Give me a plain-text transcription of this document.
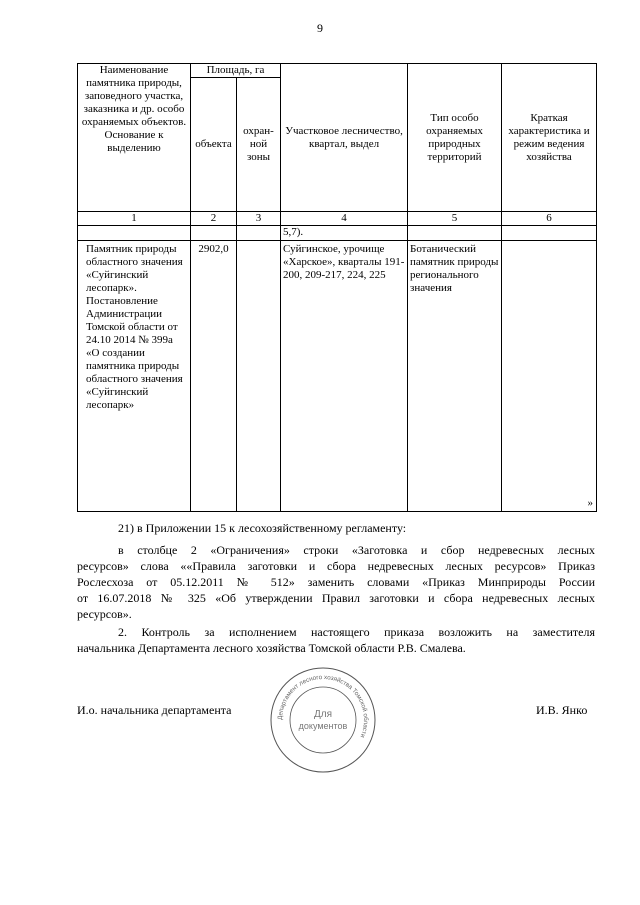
9
Наименование памятника природы, заповедного участка, заказника и др. особо охраняемых объектов. Основание к выделению	Площадь, га		Участковое лесничество, квартал, выдел	Тип особо охраняемых природных территорий	Краткая характеристика и режим ведения хозяйства
	объекта	охран-
ной
зоны			
1	2	3	4	5	6
			5,7).		
Памятник природы областного значения «Суйгинский лесопарк». Постановление Администрации Томской области от 24.10 2014 № 399а «О создании памятника природы областного значения «Суйгинский лесопарк»	2902,0		Суйгинское, урочище «Харское», кварталы 191-200, 209-217, 224, 225	Ботанический памятник природы регионального значения	»
21) в Приложении 15 к лесохозяйственному регламенту:
в столбце 2 «Ограничения» строки «Заготовка и сбор недревесных лесных
ресурсов» слова ««Правила заготовки и сбора недревесных лесных ресурсов» Приказ
Рослесхоза от 05.12.2011 № 512» заменить словами «Приказ Минприроды России
от 16.07.2018 № 325 «Об утверждении Правил заготовки и сбора недревесных лесных
ресурсов».
2. Контроль за исполнением настоящего приказа возложить на заместителя
начальника Департамента лесного хозяйства Томской области Р.В. Смалева.
И.о. начальника департамента	И.В. Янко
Департамент лесного хозяйства Томской области
Для
документов
